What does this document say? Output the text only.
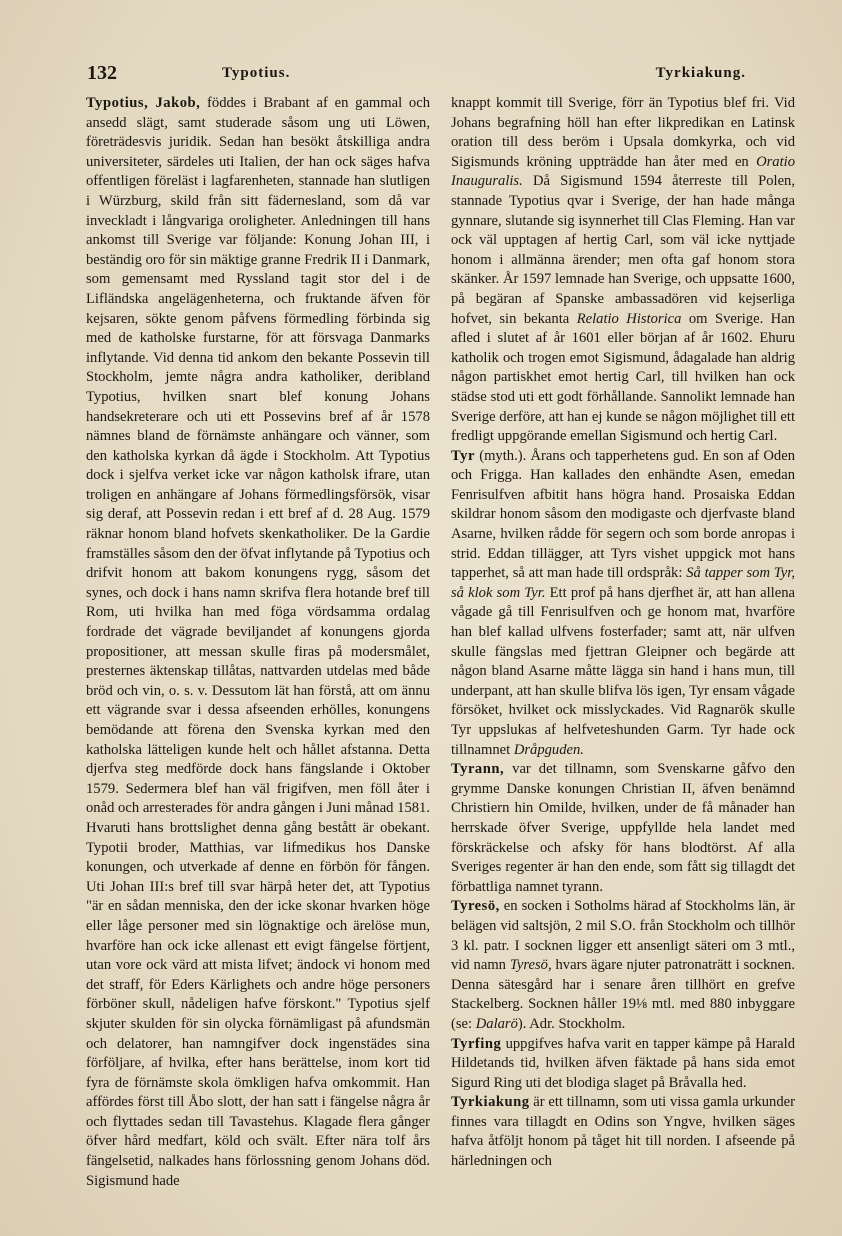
132	Typotius.	Tyrkiakung.

Typotius, Jakob, föddes i Brabant af en gammal och ansedd slägt, samt studerade såsom ung uti Löwen, företrädesvis juridik. Sedan han besökt åtskilliga andra universiteter, särdeles uti Italien, der han ock säges hafva offentligen föreläst i lagfarenheten, stannade han slutligen i Würzburg, skild från sitt fädernesland, som då var inveckladt i långvariga oroligheter. Anledningen till hans ankomst till Sverige var följande: Konung Johan III, i beständig oro för sin mäktige granne Fredrik II i Danmark, som gemensamt med Ryssland tagit stor del i de Lifländska angelägenheterna, och fruktande äfven för kejsaren, sökte genom påfvens förmedling förbinda sig med de katholske furstarne, för att försvaga Danmarks inflytande. Vid denna tid ankom den bekante Possevin till Stockholm, jemte några andra katholiker, deribland Typotius, hvilken snart blef konung Johans handsekreterare och uti ett Possevins bref af år 1578 nämnes bland de förnämste anhängare och vänner, som den katholska kyrkan då ägde i Stockholm. Att Typotius dock i sjelfva verket icke var någon katholsk ifrare, utan troligen en anhängare af Johans förmedlingsförsök, visar sig deraf, att Possevin redan i ett bref af d. 28 Aug. 1579 räknar honom bland hofvets skenkatholiker. De la Gardie framställes såsom den der öfvat inflytande på Typotius och drifvit honom att bakom konungens rygg, såsom det synes, och dock i hans namn skrifva flera hotande bref till Rom, uti hvilka han med föga vördsamma ordalag fordrade det vägrade beviljandet af konungens gjorda propositioner, att messan skulle firas på modersmålet, presternes äktenskap tillåtas, nattvarden utdelas med både bröd och vin, o. s. v. Dessutom lät han förstå, att om ännu ett vägrande svar i dessa afseenden erhölles, konungens bemödande att förena den Svenska kyrkan med den katholska lätteligen kunde helt och hållet afstanna. Detta djerfva steg medförde dock hans fängslande i Oktober 1579. Sedermera blef han väl frigifven, men föll åter i onåd och arresterades för andra gången i Juni månad 1581. Hvaruti hans brottslighet denna gång bestått är obekant. Typotii broder, Matthias, var lifmedikus hos Danske konungen, och utverkade af denne en förbön för fången. Uti Johan III:s bref till svar härpå heter det, att Typotius "är en sådan menniska, den der icke skonar hvarken höge eller låge personer med sin lögnaktige och ärelöse mun, hvarföre han ock icke allenast ett evigt fängelse förtjent, utan vore ock värd att mista lifvet; ändock vi honom med det straff, för Eders Kärlighets och andre höge personers förböner skull, nådeligen hafve förskont." Typotius sjelf skjuter skulden för sin olycka förnämligast på afundsmän och delatorer, han namngifver dock ingenstädes sina förföljare, af hvilka, efter hans berättelse, inom kort tid fyra de förnämste skola ömkligen hafva omkommit. Han affördes först till Åbo slott, der han satt i fängelse några år och flyttades sedan till Tavastehus. Klagade flera gånger öfver hård medfart, köld och svält. Efter nära tolf års fängelsetid, nalkades hans förlossning genom Johans död. Sigismund hade

knappt kommit till Sverige, förr än Typotius blef fri. Vid Johans begrafning höll han efter likpredikan en Latinsk oration till dess beröm i Upsala domkyrka, och vid Sigismunds kröning uppträdde han åter med en Oratio Inauguralis. Då Sigismund 1594 återreste till Polen, stannade Typotius qvar i Sverige, der han hade många gynnare, slutande sig isynnerhet till Clas Fleming. Han var ock väl upptagen af hertig Carl, som väl icke nyttjade honom i allmänna ärender; men ofta gaf honom stora skänker. År 1597 lemnade han Sverige, och uppsatte 1600, på begäran af Spanske ambassadören vid kejserliga hofvet, sin bekanta Relatio Historica om Sverige. Han afled i slutet af år 1601 eller början af år 1602. Ehuru katholik och trogen emot Sigismund, ådagalade han aldrig någon partiskhet emot hertig Carl, till hvilken han ock städse stod uti ett godt förhållande. Sannolikt lemnade han Sverige derföre, att han ej kunde se någon möjlighet till ett fredligt uppgörande emellan Sigismund och hertig Carl.

Tyr (myth.). Årans och tapperhetens gud. En son af Oden och Frigga. Han kallades den enhändte Asen, emedan Fenrisulfven afbitit hans högra hand. Prosaiska Eddan skildrar honom såsom den modigaste och djerfvaste bland Asarne, hvilken rådde för segern och som borde anropas i strid. Eddan tillägger, att Tyrs vishet uppgick mot hans tapperhet, så att man hade till ordspråk: Så tapper som Tyr, så klok som Tyr. Ett prof på hans djerfhet är, att han allena vågade gå till Fenrisulfven och ge honom mat, hvarföre han blef kallad ulfvens fosterfader; samt att, när ulfven skulle fängslas med fjettran Gleipner och begärde att någon bland Asarne måtte lägga sin hand i hans mun, till underpant, att han skulle blifva lös igen, Tyr ensam vågade försöket, hvilket ock misslyckades. Vid Ragnarök skulle Tyr uppslukas af helfveteshunden Garm. Tyr hade ock tillnamnet Dråpguden.

Tyrann, var det tillnamn, som Svenskarne gåfvo den grymme Danske konungen Christian II, äfven benämnd Christiern hin Omilde, hvilken, under de få månader han herrskade öfver Sverige, uppfyllde hela landet med förskräckelse och afsky för hans blodtörst. Af alla Sveriges regenter är han den ende, som fått sig tillagdt det förbattliga namnet tyrann.

Tyresö, en socken i Sotholms härad af Stockholms län, är belägen vid saltsjön, 2 mil S.O. från Stockholm och tillhör 3 kl. patr. I socknen ligger ett ansenligt säteri om 3 mtl., vid namn Tyresö, hvars ägare njuter patronaträtt i socknen. Denna sätesgård har i senare åren tillhört en grefve Stackelberg. Socknen håller 19⅛ mtl. med 880 inbyggare (se: Dalarö). Adr. Stockholm.

Tyrfing uppgifves hafva varit en tapper kämpe på Harald Hildetands tid, hvilken äfven fäktade på hans sida emot Sigurd Ring uti det blodiga slaget på Bråvalla hed.

Tyrkiakung är ett tillnamn, som uti vissa gamla urkunder finnes vara tillagdt en Odins son Yngve, hvilken säges hafva åtföljt honom på tåget hit till norden. I afseende på härledningen och
